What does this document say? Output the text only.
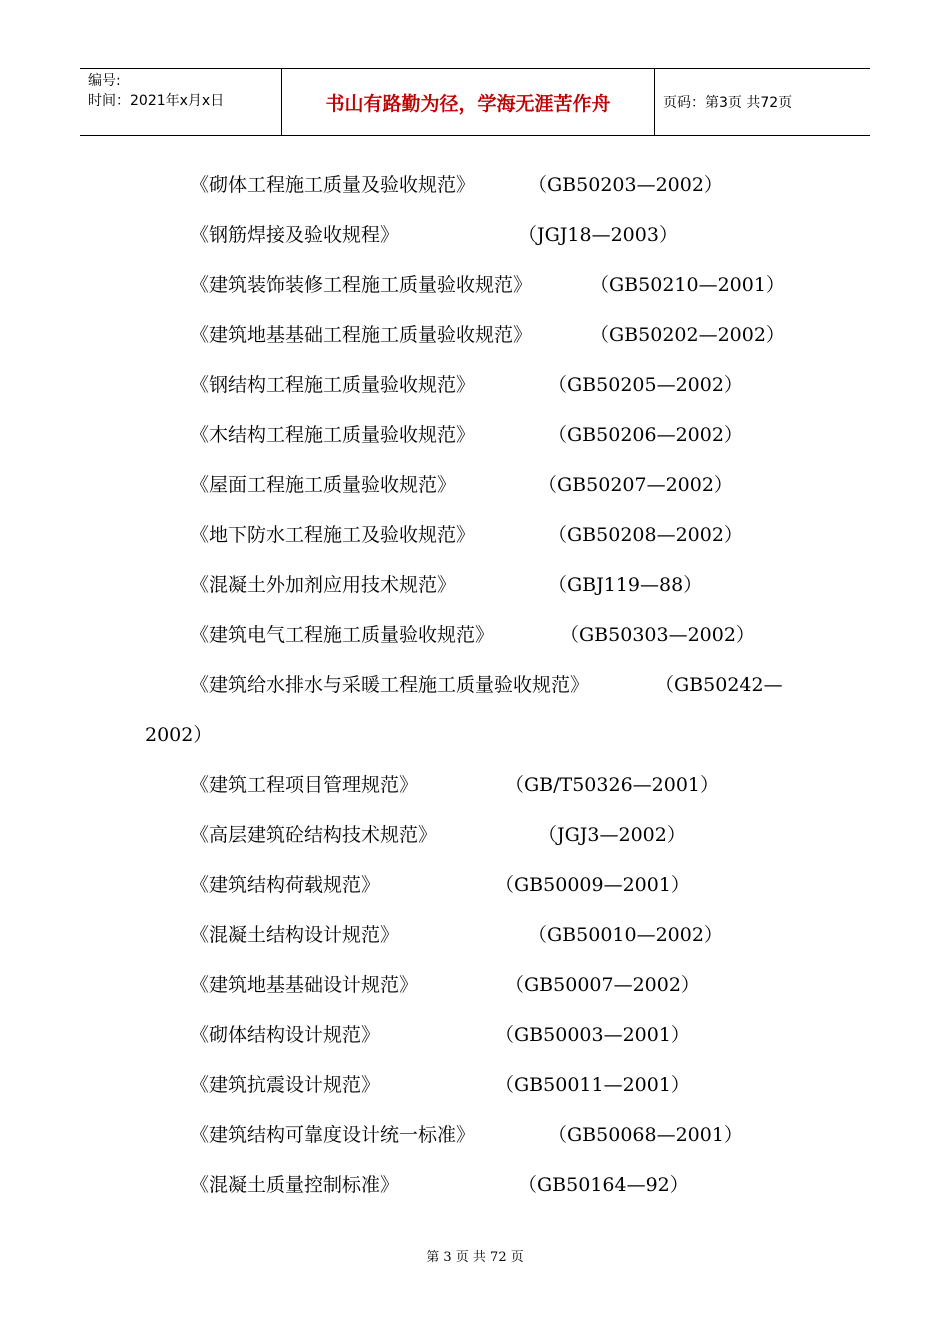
编号:
时间：2021年x月x日	书山有路勤为径，学海无涯苦作舟	页码：第3页 共72页
《砌体工程施工质量及验收规范》	（GB50203—2002）
《钢筋焊接及验收规程》	（JGJ18—2003）
《建筑装饰装修工程施工质量验收规范》	（GB50210—2001）
《建筑地基基础工程施工质量验收规范》	（GB50202—2002）
《钢结构工程施工质量验收规范》	（GB50205—2002）
《木结构工程施工质量验收规范》	（GB50206—2002）
《屋面工程施工质量验收规范》	（GB50207—2002）
《地下防水工程施工及验收规范》	（GB50208—2002）
《混凝土外加剂应用技术规范》	（GBJ119—88）
《建筑电气工程施工质量验收规范》	（GB50303—2002）
《建筑给水排水与采暖工程施工质量验收规范》	（GB50242—
2002）
《建筑工程项目管理规范》	（GB/T50326—2001）
《高层建筑砼结构技术规范》	（JGJ3—2002）
《建筑结构荷载规范》	（GB50009—2001）
《混凝土结构设计规范》	（GB50010—2002）
《建筑地基基础设计规范》	（GB50007—2002）
《砌体结构设计规范》	（GB50003—2001）
《建筑抗震设计规范》	（GB50011—2001）
《建筑结构可靠度设计统一标准》	（GB50068—2001）
《混凝土质量控制标准》	（GB50164—92）
第 3 页 共 72 页
